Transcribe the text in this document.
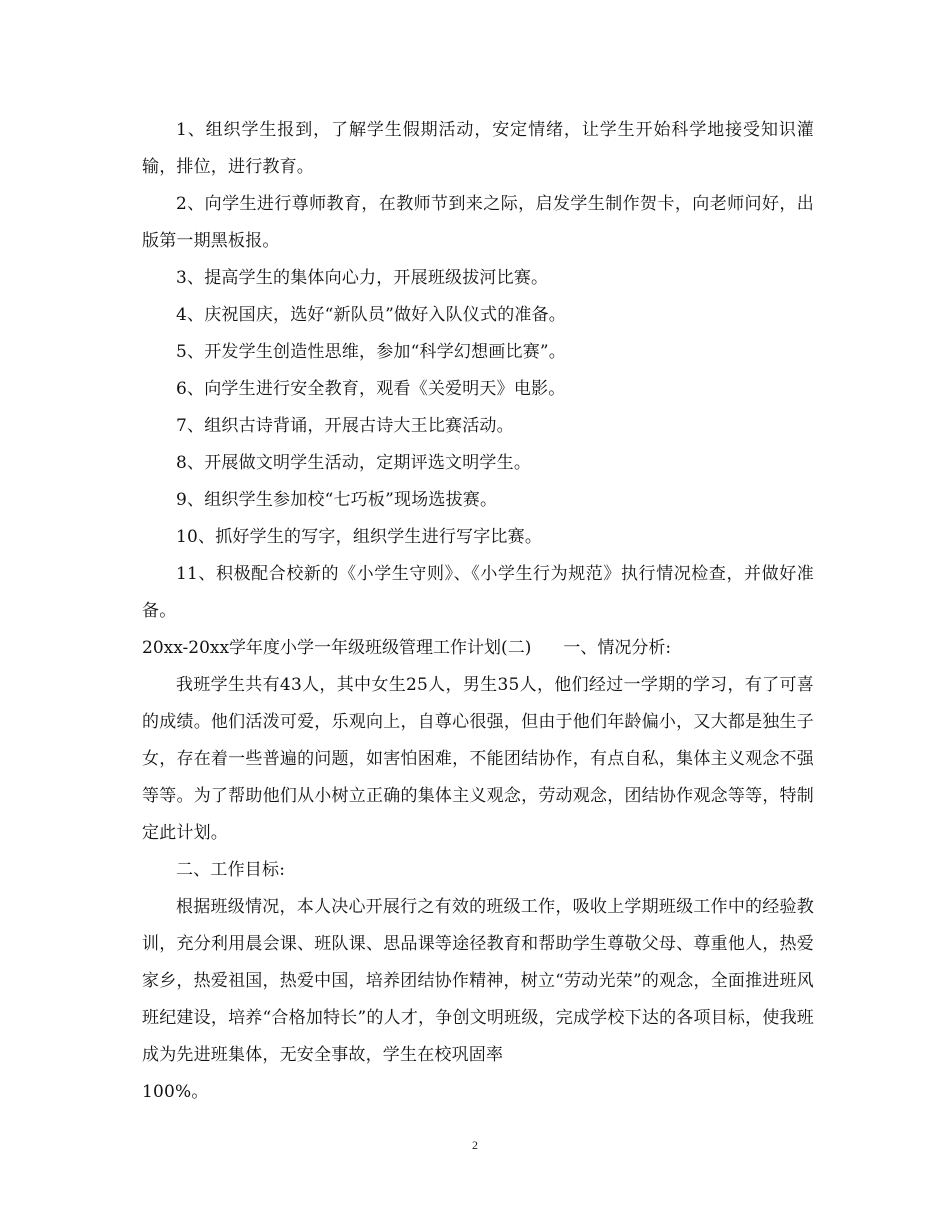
1、组织学生报到，了解学生假期活动，安定情绪，让学生开始科学地接受知识灌输，排位，进行教育。

2、向学生进行尊师教育，在教师节到来之际，启发学生制作贺卡，向老师问好，出版第一期黑板报。

3、提高学生的集体向心力，开展班级拔河比赛。

4、庆祝国庆，选好“新队员”做好入队仪式的准备。

5、开发学生创造性思维，参加“科学幻想画比赛”。

6、向学生进行安全教育，观看《关爱明天》电影。

7、组织古诗背诵，开展古诗大王比赛活动。

8、开展做文明学生活动，定期评选文明学生。

9、组织学生参加校“七巧板”现场选拔赛。

10、抓好学生的写字，组织学生进行写字比赛。

11、积极配合校新的《小学生守则》、《小学生行为规范》执行情况检查，并做好准备。

20xx-20xx学年度小学一年级班级管理工作计划(二)	一、情况分析:

我班学生共有43人，其中女生25人，男生35人，他们经过一学期的学习，有了可喜的成绩。他们活泼可爱，乐观向上，自尊心很强，但由于他们年龄偏小，又大都是独生子女，存在着一些普遍的问题，如害怕困难，不能团结协作，有点自私，集体主义观念不强等等。为了帮助他们从小树立正确的集体主义观念，劳动观念，团结协作观念等等，特制定此计划。

二、工作目标:

根据班级情况，本人决心开展行之有效的班级工作，吸收上学期班级工作中的经验教训，充分利用晨会课、班队课、思品课等途径教育和帮助学生尊敬父母、尊重他人，热爱家乡，热爱祖国，热爱中国，培养团结协作精神，树立“劳动光荣”的观念，全面推进班风班纪建设，培养“合格加特长”的人才，争创文明班级，完成学校下达的各项目标，使我班成为先进班集体，无安全事故，学生在校巩固率

100%。

2
